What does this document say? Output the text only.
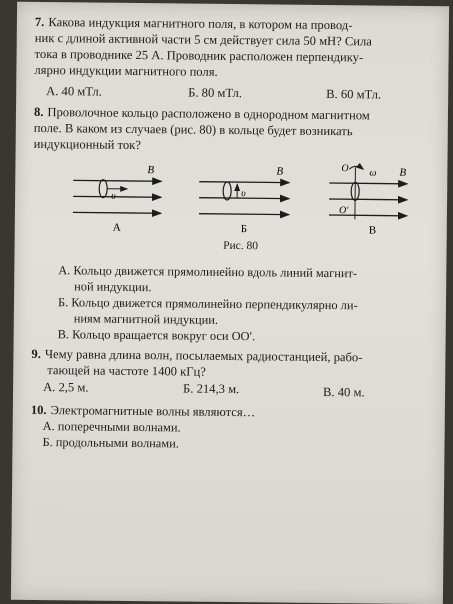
7. Какова индукция магнитного поля, в котором на провод-
ник с длиной активной части 5 см действует сила 50 мН? Сила
тока в проводнике 25 А. Проводник расположен перпендику-
лярно индукции магнитного поля.
А. 40 мТл.	Б. 80 мТл.	В. 60 мТл.
8. Проволочное кольцо расположено в однородном магнитном
поле. В каком из случаев (рис. 80) в кольце будет возникать
индукционный ток?
υ
B
А
υ
B
Б
O ω
O′
B
В
Рис. 80
А. Кольцо движется прямолинейно вдоль линий магнит-
ной индукции.
Б. Кольцо движется прямолинейно перпендикулярно ли-
ниям магнитной индукции.
В. Кольцо вращается вокруг оси OO′.
9. Чему равна длина волн, посылаемых радиостанцией, рабо-
тающей на частоте 1400 кГц?
А. 2,5 м.	Б. 214,3 м.	В. 40 м.
10. Электромагнитные волны являются…
А. поперечными волнами.
Б. продольными волнами.
